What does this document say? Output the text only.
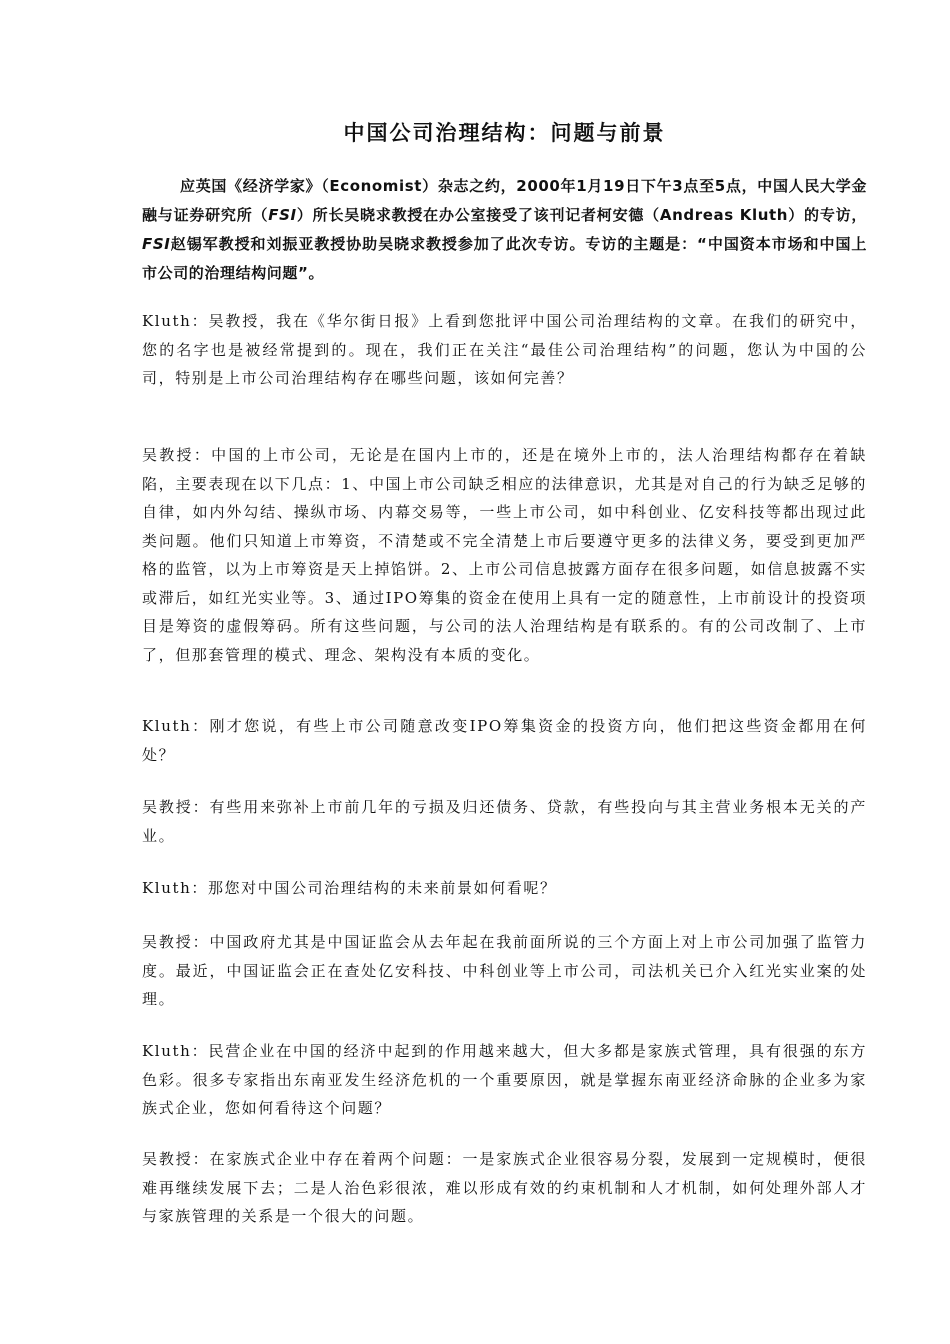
中国公司治理结构：问题与前景

应英国《经济学家》（Economist）杂志之约，2000年1月19日下午3点至5点，中国人民大学金融与证券研究所（FSI）所长吴晓求教授在办公室接受了该刊记者柯安德（Andreas Kluth）的专访，FSI赵锡军教授和刘振亚教授协助吴晓求教授参加了此次专访。专访的主题是：“中国资本市场和中国上市公司的治理结构问题”。

Kluth：吴教授，我在《华尔街日报》上看到您批评中国公司治理结构的文章。在我们的研究中，您的名字也是被经常提到的。现在，我们正在关注“最佳公司治理结构”的问题，您认为中国的公司，特别是上市公司治理结构存在哪些问题，该如何完善？

吴教授：中国的上市公司，无论是在国内上市的，还是在境外上市的，法人治理结构都存在着缺陷，主要表现在以下几点：1、中国上市公司缺乏相应的法律意识，尤其是对自己的行为缺乏足够的自律，如内外勾结、操纵市场、内幕交易等，一些上市公司，如中科创业、亿安科技等都出现过此类问题。他们只知道上市筹资，不清楚或不完全清楚上市后要遵守更多的法律义务，要受到更加严格的监管，以为上市筹资是天上掉馅饼。2、上市公司信息披露方面存在很多问题，如信息披露不实或滞后，如红光实业等。3、通过IPO筹集的资金在使用上具有一定的随意性，上市前设计的投资项目是筹资的虚假筹码。所有这些问题，与公司的法人治理结构是有联系的。有的公司改制了、上市了，但那套管理的模式、理念、架构没有本质的变化。

Kluth：刚才您说，有些上市公司随意改变IPO筹集资金的投资方向，他们把这些资金都用在何处？

吴教授：有些用来弥补上市前几年的亏损及归还债务、贷款，有些投向与其主营业务根本无关的产业。

Kluth：那您对中国公司治理结构的未来前景如何看呢？

吴教授：中国政府尤其是中国证监会从去年起在我前面所说的三个方面上对上市公司加强了监管力度。最近，中国证监会正在查处亿安科技、中科创业等上市公司，司法机关已介入红光实业案的处理。

Kluth：民营企业在中国的经济中起到的作用越来越大，但大多都是家族式管理，具有很强的东方色彩。很多专家指出东南亚发生经济危机的一个重要原因，就是掌握东南亚经济命脉的企业多为家族式企业，您如何看待这个问题？

吴教授：在家族式企业中存在着两个问题：一是家族式企业很容易分裂，发展到一定规模时，便很难再继续发展下去；二是人治色彩很浓，难以形成有效的约束机制和人才机制，如何处理外部人才与家族管理的关系是一个很大的问题。
